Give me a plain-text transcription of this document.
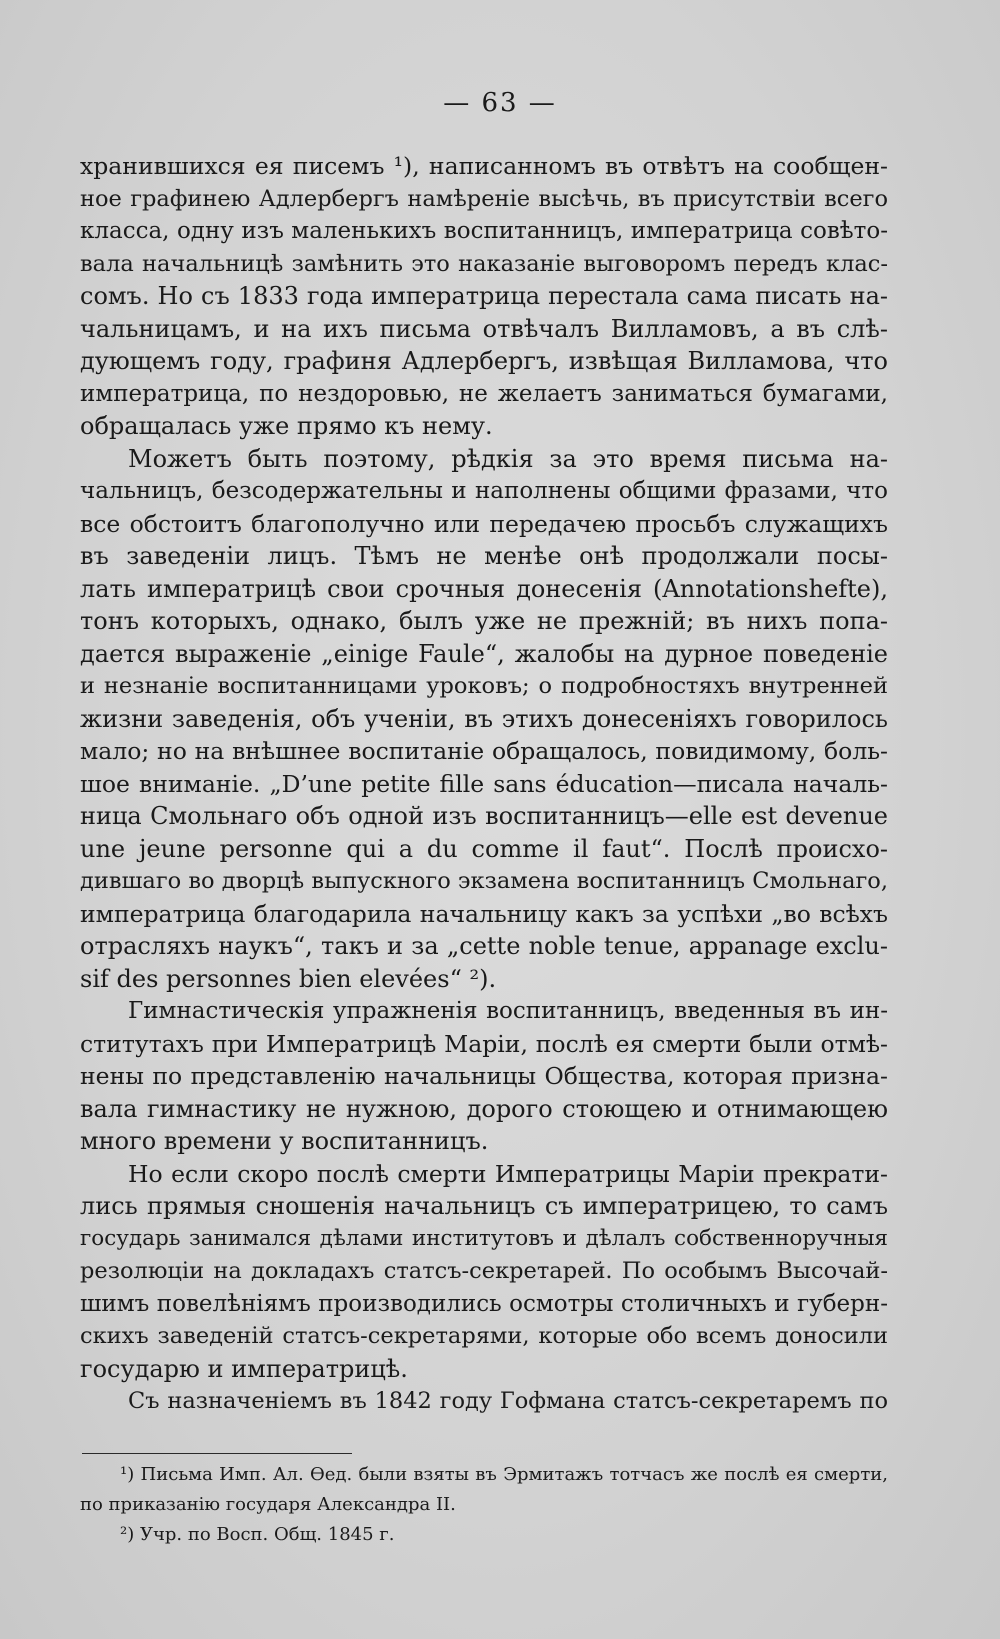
— 63 —
хранившихся ея писемъ ¹), написанномъ въ отвѣтъ на сообщен-
ное графинею Адлербергъ намѣреніе высѣчь, въ присутствіи всего
класса, одну изъ маленькихъ воспитанницъ, императрица совѣто-
вала начальницѣ замѣнить это наказаніе выговоромъ передъ клас-
сомъ. Но съ 1833 года императрица перестала сама писать на-
чальницамъ, и на ихъ письма отвѣчалъ Вилламовъ, а въ слѣ-
дующемъ году, графиня Адлербергъ, извѣщая Вилламова, что
императрица, по нездоровью, не желаетъ заниматься бумагами,
обращалась уже прямо къ нему.
Можетъ быть поэтому, рѣдкія за это время письма на-
чальницъ, безсодержательны и наполнены общими фразами, что
все обстоитъ благополучно или передачею просьбъ служащихъ
въ заведеніи лицъ. Тѣмъ не менѣе онѣ продолжали посы-
лать императрицѣ свои срочныя донесенія (Annotationshefte),
тонъ которыхъ, однако, былъ уже не прежній; въ нихъ попа-
дается выраженіе „einige Faule“, жалобы на дурное поведеніе
и незнаніе воспитанницами уроковъ; о подробностяхъ внутренней
жизни заведенія, объ ученіи, въ этихъ донесеніяхъ говорилось
мало; но на внѣшнее воспитаніе обращалось, повидимому, боль-
шое вниманіе. „D’une petite fille sans éducation—писала началь-
ница Смольнаго объ одной изъ воспитанницъ—elle est devenue
une jeune personne qui a du comme il faut“. Послѣ происхо-
дившаго во дворцѣ выпускного экзамена воспитанницъ Смольнаго,
императрица благодарила начальницу какъ за успѣхи „во всѣхъ
отрасляхъ наукъ“, такъ и за „cette noble tenue, appanage exclu-
sif des personnes bien elevées“ ²).
Гимнастическія упражненія воспитанницъ, введенныя въ ин-
ститутахъ при Императрицѣ Маріи, послѣ ея смерти были отмѣ-
нены по представленію начальницы Общества, которая призна-
вала гимнастику не нужною, дорого стоющею и отнимающею
много времени у воспитанницъ.
Но если скоро послѣ смерти Императрицы Маріи прекрати-
лись прямыя сношенія начальницъ съ императрицею, то самъ
государь занимался дѣлами институтовъ и дѣлалъ собственноручныя
резолюціи на докладахъ статсъ-секретарей. По особымъ Высочай-
шимъ повелѣніямъ производились осмотры столичныхъ и губерн-
скихъ заведеній статсъ-секретарями, которые обо всемъ доносили
государю и императрицѣ.
Съ назначеніемъ въ 1842 году Гофмана статсъ-секретаремъ по
¹) Письма Имп. Ал. Ѳед. были взяты въ Эрмитажъ тотчасъ же послѣ ея смерти,
по приказанію государя Александра II.
²) Учр. по Восп. Общ. 1845 г.
